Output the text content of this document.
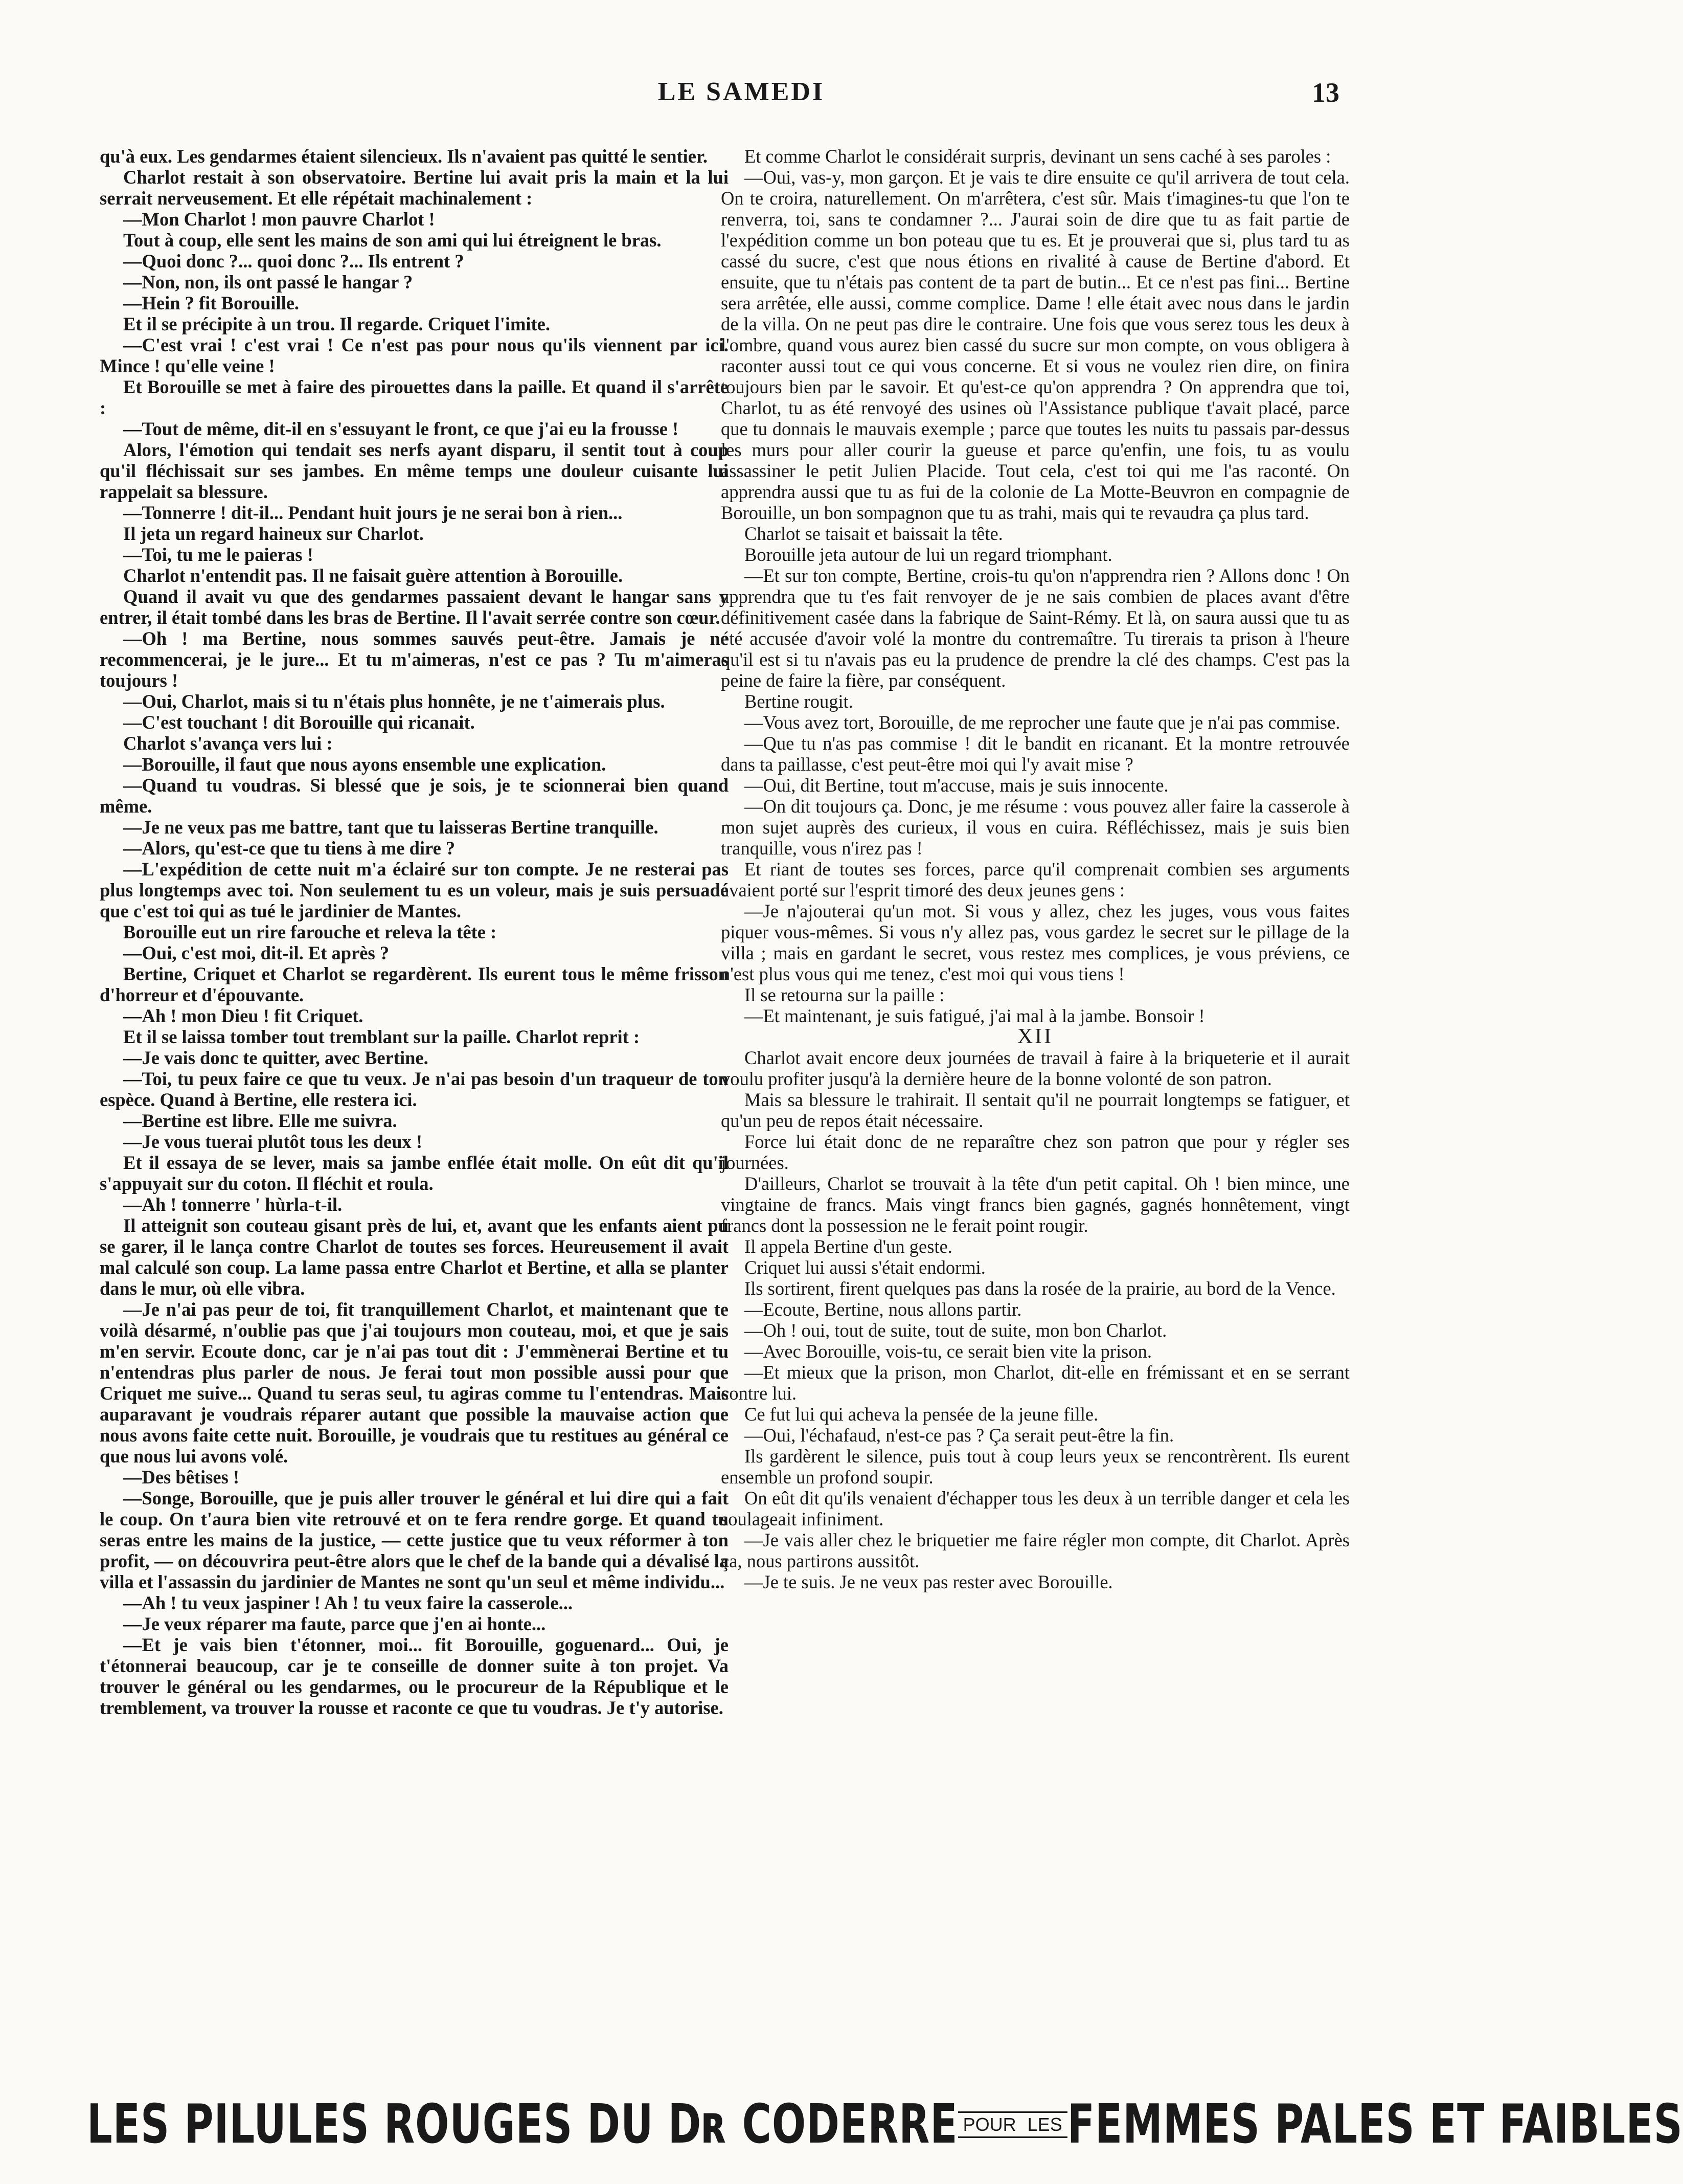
LE SAMEDI	13

qu'à eux. Les gendarmes étaient silencieux. Ils n'avaient pas quitté le sentier.

Charlot restait à son observatoire. Bertine lui avait pris la main et la lui serrait nerveusement. Et elle répétait machinalement :

—Mon Charlot ! mon pauvre Charlot !

Tout à coup, elle sent les mains de son ami qui lui étreignent le bras.

—Quoi donc ?... quoi donc ?... Ils entrent ?

—Non, non, ils ont passé le hangar ?

—Hein ? fit Borouille.

Et il se précipite à un trou. Il regarde. Criquet l'imite.

—C'est vrai ! c'est vrai ! Ce n'est pas pour nous qu'ils viennent par ici. Mince ! qu'elle veine !

Et Borouille se met à faire des pirouettes dans la paille. Et quand il s'arrête :

—Tout de même, dit-il en s'essuyant le front, ce que j'ai eu la frousse !

Alors, l'émotion qui tendait ses nerfs ayant disparu, il sentit tout à coup qu'il fléchissait sur ses jambes. En même temps une douleur cuisante lui rappelait sa blessure.

—Tonnerre ! dit-il... Pendant huit jours je ne serai bon à rien...

Il jeta un regard haineux sur Charlot.

—Toi, tu me le paieras !

Charlot n'entendit pas. Il ne faisait guère attention à Borouille.

Quand il avait vu que des gendarmes passaient devant le hangar sans y entrer, il était tombé dans les bras de Bertine. Il l'avait serrée contre son cœur.

—Oh ! ma Bertine, nous sommes sauvés peut-être. Jamais je ne recommencerai, je le jure... Et tu m'aimeras, n'est ce pas ? Tu m'aimeras toujours !

—Oui, Charlot, mais si tu n'étais plus honnête, je ne t'aimerais plus.

—C'est touchant ! dit Borouille qui ricanait.

Charlot s'avança vers lui :

—Borouille, il faut que nous ayons ensemble une explication.

—Quand tu voudras. Si blessé que je sois, je te scionnerai bien quand même.

—Je ne veux pas me battre, tant que tu laisseras Bertine tranquille.

—Alors, qu'est-ce que tu tiens à me dire ?

—L'expédition de cette nuit m'a éclairé sur ton compte. Je ne resterai pas plus longtemps avec toi. Non seulement tu es un voleur, mais je suis persuadé que c'est toi qui as tué le jardinier de Mantes.

Borouille eut un rire farouche et releva la tête :

—Oui, c'est moi, dit-il. Et après ?

Bertine, Criquet et Charlot se regardèrent. Ils eurent tous le même frisson d'horreur et d'épouvante.

—Ah ! mon Dieu ! fit Criquet.

Et il se laissa tomber tout tremblant sur la paille. Charlot reprit :

—Je vais donc te quitter, avec Bertine.

—Toi, tu peux faire ce que tu veux. Je n'ai pas besoin d'un traqueur de ton espèce. Quand à Bertine, elle restera ici.

—Bertine est libre. Elle me suivra.

—Je vous tuerai plutôt tous les deux !

Et il essaya de se lever, mais sa jambe enflée était molle. On eût dit qu'il s'appuyait sur du coton. Il fléchit et roula.

—Ah ! tonnerre ' hùrla-t-il.

Il atteignit son couteau gisant près de lui, et, avant que les enfants aient pu se garer, il le lança contre Charlot de toutes ses forces. Heureusement il avait mal calculé son coup. La lame passa entre Charlot et Bertine, et alla se planter dans le mur, où elle vibra.

—Je n'ai pas peur de toi, fit tranquillement Charlot, et maintenant que te voilà désarmé, n'oublie pas que j'ai toujours mon couteau, moi, et que je sais m'en servir. Ecoute donc, car je n'ai pas tout dit : J'emmènerai Bertine et tu n'entendras plus parler de nous. Je ferai tout mon possible aussi pour que Criquet me suive... Quand tu seras seul, tu agiras comme tu l'entendras. Mais auparavant je voudrais réparer autant que possible la mauvaise action que nous avons faite cette nuit. Borouille, je voudrais que tu restitues au général ce que nous lui avons volé.

—Des bêtises !

—Songe, Borouille, que je puis aller trouver le général et lui dire qui a fait le coup. On t'aura bien vite retrouvé et on te fera rendre gorge. Et quand tu seras entre les mains de la justice, — cette justice que tu veux réformer à ton profit, — on découvrira peut-être alors que le chef de la bande qui a dévalisé la villa et l'assassin du jardinier de Mantes ne sont qu'un seul et même individu...

—Ah ! tu veux jaspiner ! Ah ! tu veux faire la casserole...

—Je veux réparer ma faute, parce que j'en ai honte...

—Et je vais bien t'étonner, moi... fit Borouille, goguenard... Oui, je t'étonnerai beaucoup, car je te conseille de donner suite à ton projet. Va trouver le général ou les gendarmes, ou le procureur de la République et le tremblement, va trouver la rousse et raconte ce que tu voudras. Je t'y autorise.

Et comme Charlot le considérait surpris, devinant un sens caché à ses paroles :

—Oui, vas-y, mon garçon. Et je vais te dire ensuite ce qu'il arrivera de tout cela. On te croira, naturellement. On m'arrêtera, c'est sûr. Mais t'imagines-tu que l'on te renverra, toi, sans te condamner ?... J'aurai soin de dire que tu as fait partie de l'expédition comme un bon poteau que tu es. Et je prouverai que si, plus tard tu as cassé du sucre, c'est que nous étions en rivalité à cause de Bertine d'abord. Et ensuite, que tu n'étais pas content de ta part de butin... Et ce n'est pas fini... Bertine sera arrêtée, elle aussi, comme complice. Dame ! elle était avec nous dans le jardin de la villa. On ne peut pas dire le contraire. Une fois que vous serez tous les deux à l'ombre, quand vous aurez bien cassé du sucre sur mon compte, on vous obligera à raconter aussi tout ce qui vous concerne. Et si vous ne voulez rien dire, on finira toujours bien par le savoir. Et qu'est-ce qu'on apprendra ? On apprendra que toi, Charlot, tu as été renvoyé des usines où l'Assistance publique t'avait placé, parce que tu donnais le mauvais exemple ; parce que toutes les nuits tu passais par-dessus les murs pour aller courir la gueuse et parce qu'enfin, une fois, tu as voulu assassiner le petit Julien Placide. Tout cela, c'est toi qui me l'as raconté. On apprendra aussi que tu as fui de la colonie de La Motte-Beuvron en compagnie de Borouille, un bon sompagnon que tu as trahi, mais qui te revaudra ça plus tard.

Charlot se taisait et baissait la tête.

Borouille jeta autour de lui un regard triomphant.

—Et sur ton compte, Bertine, crois-tu qu'on n'apprendra rien ? Allons donc ! On apprendra que tu t'es fait renvoyer de je ne sais combien de places avant d'être définitivement casée dans la fabrique de Saint-Rémy. Et là, on saura aussi que tu as été accusée d'avoir volé la montre du contremaître. Tu tirerais ta prison à l'heure qu'il est si tu n'avais pas eu la prudence de prendre la clé des champs. C'est pas la peine de faire la fière, par conséquent.

Bertine rougit.

—Vous avez tort, Borouille, de me reprocher une faute que je n'ai pas commise.

—Que tu n'as pas commise ! dit le bandit en ricanant. Et la montre retrouvée dans ta paillasse, c'est peut-être moi qui l'y avait mise ?

—Oui, dit Bertine, tout m'accuse, mais je suis innocente.

—On dit toujours ça. Donc, je me résume : vous pouvez aller faire la casserole à mon sujet auprès des curieux, il vous en cuira. Réfléchissez, mais je suis bien tranquille, vous n'irez pas !

Et riant de toutes ses forces, parce qu'il comprenait combien ses arguments avaient porté sur l'esprit timoré des deux jeunes gens :

—Je n'ajouterai qu'un mot. Si vous y allez, chez les juges, vous vous faites piquer vous-mêmes. Si vous n'y allez pas, vous gardez le secret sur le pillage de la villa ; mais en gardant le secret, vous restez mes complices, je vous préviens, ce n'est plus vous qui me tenez, c'est moi qui vous tiens !

Il se retourna sur la paille :

—Et maintenant, je suis fatigué, j'ai mal à la jambe. Bonsoir !

XII

Charlot avait encore deux journées de travail à faire à la briqueterie et il aurait voulu profiter jusqu'à la dernière heure de la bonne volonté de son patron.

Mais sa blessure le trahirait. Il sentait qu'il ne pourrait longtemps se fatiguer, et qu'un peu de repos était nécessaire.

Force lui était donc de ne reparaître chez son patron que pour y régler ses journées.

D'ailleurs, Charlot se trouvait à la tête d'un petit capital. Oh ! bien mince, une vingtaine de francs. Mais vingt francs bien gagnés, gagnés honnêtement, vingt francs dont la possession ne le ferait point rougir.

Il appela Bertine d'un geste.

Criquet lui aussi s'était endormi.

Ils sortirent, firent quelques pas dans la rosée de la prairie, au bord de la Vence.

—Ecoute, Bertine, nous allons partir.

—Oh ! oui, tout de suite, tout de suite, mon bon Charlot.

—Avec Borouille, vois-tu, ce serait bien vite la prison.

—Et mieux que la prison, mon Charlot, dit-elle en frémissant et en se serrant contre lui.

Ce fut lui qui acheva la pensée de la jeune fille.

—Oui, l'échafaud, n'est-ce pas ? Ça serait peut-être la fin.

Ils gardèrent le silence, puis tout à coup leurs yeux se rencontrèrent. Ils eurent ensemble un profond soupir.

On eût dit qu'ils venaient d'échapper tous les deux à un terrible danger et cela les soulageait infiniment.

—Je vais aller chez le briquetier me faire régler mon compte, dit Charlot. Après ça, nous partirons aussitôt.

—Je te suis. Je ne veux pas rester avec Borouille.

LES PILULES ROUGES DU Dʀ CODERRE POUR LES FEMMES PALES ET FAIBLES
